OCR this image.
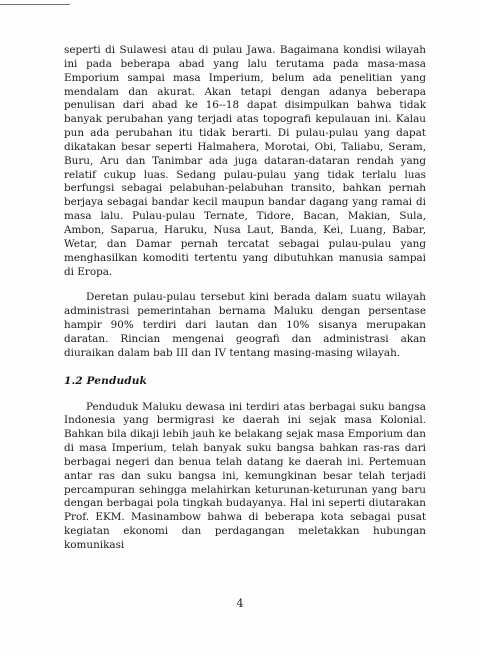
seperti di Sulawesi atau di pulau Jawa. Bagaimana kondisi wilayah ini pada beberapa abad yang lalu terutama pada masa-masa Emporium sampai masa Imperium, belum ada penelitian yang mendalam dan akurat. Akan tetapi dengan adanya beberapa penulisan dari abad ke 16--18 dapat disimpulkan bahwa tidak banyak perubahan yang terjadi atas topografi kepulauan ini. Kalau pun ada perubahan itu tidak berarti. Di pulau-pulau yang dapat dikatakan besar seperti Halmahera, Morotai, Obi, Taliabu, Seram, Buru, Aru dan Tanimbar ada juga dataran-dataran rendah yang relatif cukup luas. Sedang pulau-pulau yang tidak terlalu luas berfungsi sebagai pelabuhan-pelabuhan transito, bahkan pernah berjaya sebagai bandar kecil maupun bandar dagang yang ramai di masa lalu. Pulau-pulau Ternate, Tidore, Bacan, Makian, Sula, Ambon, Saparua, Haruku, Nusa Laut, Banda, Kei, Luang, Babar, Wetar, dan Damar pernah tercatat sebagai pulau-pulau yang menghasilkan komoditi tertentu yang dibutuhkan manusia sampai di Eropa.

Deretan pulau-pulau tersebut kini berada dalam suatu wilayah administrasi pemerintahan bernama Maluku dengan persentase hampir 90% terdiri dari lautan dan 10% sisanya merupakan daratan. Rincian mengenai geografi dan administrasi akan diuraikan dalam bab III dan IV tentang masing-masing wilayah.

1.2 Penduduk

Penduduk Maluku dewasa ini terdiri atas berbagai suku bangsa Indonesia yang bermigrasi ke daerah ini sejak masa Kolonial. Bahkan bila dikaji lebih jauh ke belakang sejak masa Emporium dan di masa Imperium, telah banyak suku bangsa bahkan ras-ras dari berbagai negeri dan benua telah datang ke daerah ini. Pertemuan antar ras dan suku bangsa ini, kemungkinan besar telah terjadi percampuran sehingga melahirkan keturunan-keturunan yang baru dengan berbagai pola tingkah budayanya. Hal ini seperti diutarakan Prof. EKM. Masinambow bahwa di beberapa kota sebagai pusat kegiatan ekonomi dan perdagangan meletakkan hubungan komunikasi

4
